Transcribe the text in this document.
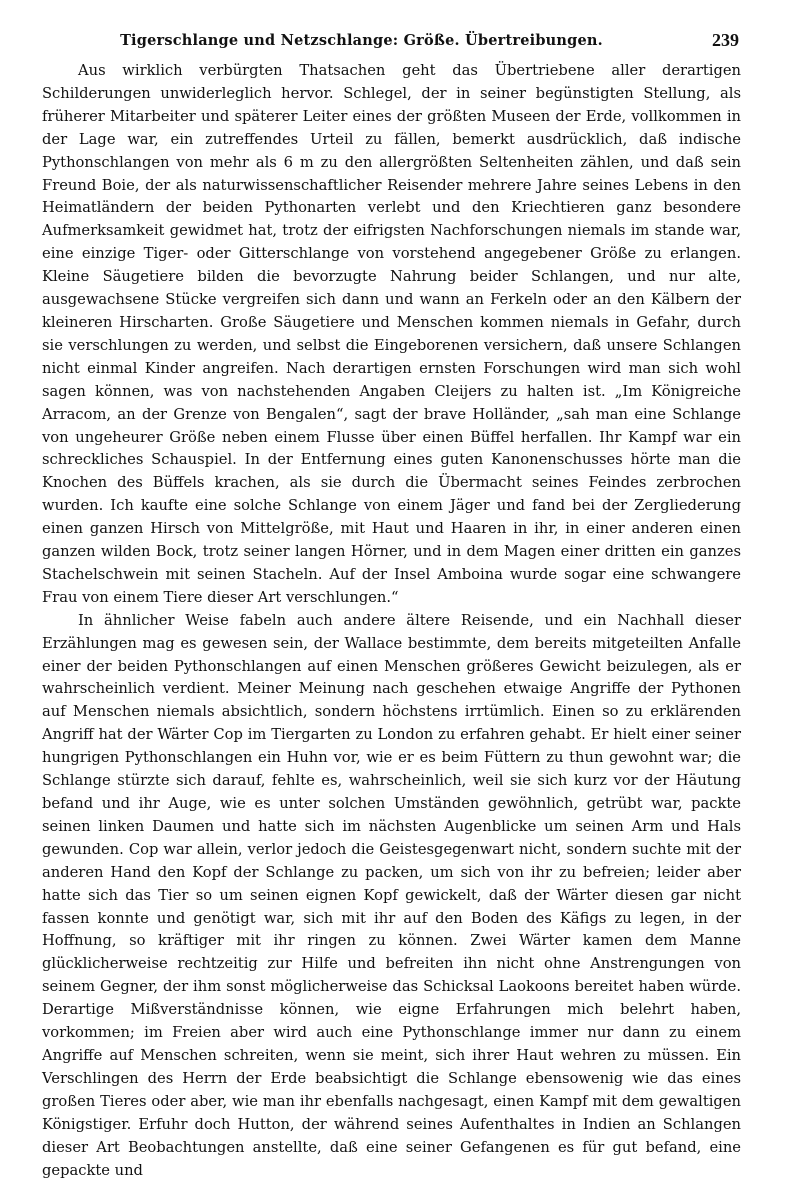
Tigerschlange und Netzschlange: Größe. Übertreibungen.	239

Aus wirklich verbürgten Thatsachen geht das Übertriebene aller derartigen Schilderungen unwiderleglich hervor. Schlegel, der in seiner begünstigten Stellung, als früherer Mitarbeiter und späterer Leiter eines der größten Museen der Erde, vollkommen in der Lage war, ein zutreffendes Urteil zu fällen, bemerkt ausdrücklich, daß indische Pythonschlangen von mehr als 6 m zu den allergrößten Seltenheiten zählen, und daß sein Freund Boie, der als naturwissenschaftlicher Reisender mehrere Jahre seines Lebens in den Heimatländern der beiden Pythonarten verlebt und den Kriechtieren ganz besondere Aufmerksamkeit gewidmet hat, trotz der eifrigsten Nachforschungen niemals im stande war, eine einzige Tiger- oder Gitterschlange von vorstehend angegebener Größe zu erlangen. Kleine Säugetiere bilden die bevorzugte Nahrung beider Schlangen, und nur alte, ausgewachsene Stücke vergreifen sich dann und wann an Ferkeln oder an den Kälbern der kleineren Hirscharten. Große Säugetiere und Menschen kommen niemals in Gefahr, durch sie verschlungen zu werden, und selbst die Eingeborenen versichern, daß unsere Schlangen nicht einmal Kinder angreifen. Nach derartigen ernsten Forschungen wird man sich wohl sagen können, was von nachstehenden Angaben Cleijers zu halten ist. „Im Königreiche Arracom, an der Grenze von Bengalen“, sagt der brave Holländer, „sah man eine Schlange von ungeheurer Größe neben einem Flusse über einen Büffel herfallen. Ihr Kampf war ein schreckliches Schauspiel. In der Entfernung eines guten Kanonenschusses hörte man die Knochen des Büffels krachen, als sie durch die Übermacht seines Feindes zerbrochen wurden. Ich kaufte eine solche Schlange von einem Jäger und fand bei der Zergliederung einen ganzen Hirsch von Mittelgröße, mit Haut und Haaren in ihr, in einer anderen einen ganzen wilden Bock, trotz seiner langen Hörner, und in dem Magen einer dritten ein ganzes Stachelschwein mit seinen Stacheln. Auf der Insel Amboina wurde sogar eine schwangere Frau von einem Tiere dieser Art verschlungen.“

In ähnlicher Weise fabeln auch andere ältere Reisende, und ein Nachhall dieser Erzählungen mag es gewesen sein, der Wallace bestimmte, dem bereits mitgeteilten Anfalle einer der beiden Pythonschlangen auf einen Menschen größeres Gewicht beizulegen, als er wahrscheinlich verdient. Meiner Meinung nach geschehen etwaige Angriffe der Pythonen auf Menschen niemals absichtlich, sondern höchstens irrtümlich. Einen so zu erklärenden Angriff hat der Wärter Cop im Tiergarten zu London zu erfahren gehabt. Er hielt einer seiner hungrigen Pythonschlangen ein Huhn vor, wie er es beim Füttern zu thun gewohnt war; die Schlange stürzte sich darauf, fehlte es, wahrscheinlich, weil sie sich kurz vor der Häutung befand und ihr Auge, wie es unter solchen Umständen gewöhnlich, getrübt war, packte seinen linken Daumen und hatte sich im nächsten Augenblicke um seinen Arm und Hals gewunden. Cop war allein, verlor jedoch die Geistesgegenwart nicht, sondern suchte mit der anderen Hand den Kopf der Schlange zu packen, um sich von ihr zu befreien; leider aber hatte sich das Tier so um seinen eignen Kopf gewickelt, daß der Wärter diesen gar nicht fassen konnte und genötigt war, sich mit ihr auf den Boden des Käfigs zu legen, in der Hoffnung, so kräftiger mit ihr ringen zu können. Zwei Wärter kamen dem Manne glücklicherweise rechtzeitig zur Hilfe und befreiten ihn nicht ohne Anstrengungen von seinem Gegner, der ihm sonst möglicherweise das Schicksal Laokoons bereitet haben würde. Derartige Mißverständnisse können, wie eigne Erfahrungen mich belehrt haben, vorkommen; im Freien aber wird auch eine Pythonschlange immer nur dann zu einem Angriffe auf Menschen schreiten, wenn sie meint, sich ihrer Haut wehren zu müssen. Ein Verschlingen des Herrn der Erde beabsichtigt die Schlange ebensowenig wie das eines großen Tieres oder aber, wie man ihr ebenfalls nachgesagt, einen Kampf mit dem gewaltigen Königstiger. Erfuhr doch Hutton, der während seines Aufenthaltes in Indien an Schlangen dieser Art Beobachtungen anstellte, daß eine seiner Gefangenen es für gut befand, eine gepackte und
